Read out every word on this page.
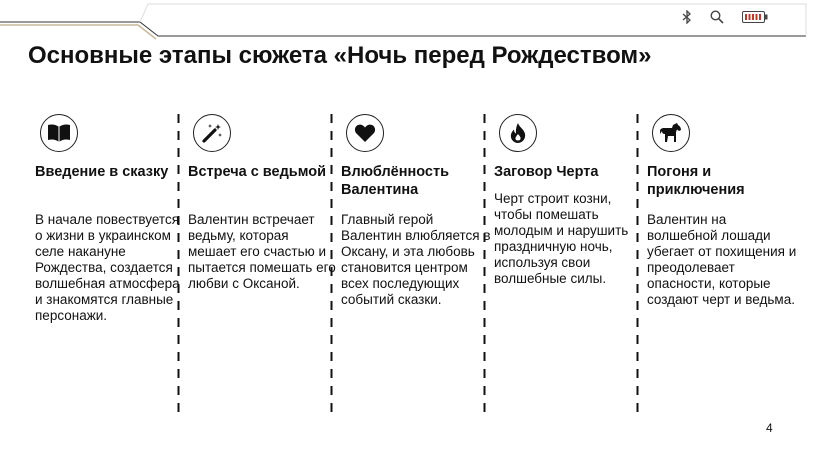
Основные этапы сюжета «Ночь перед Рождеством»
Введение в сказку
В начале повествуется о жизни в украинском селе накануне Рождества, создается волшебная атмосфера и знакомятся главные персонажи.
Встреча с ведьмой
Валентин встречает ведьму, которая мешает его счастью и пытается помешать его любви с Оксаной.
Влюблённость Валентина
Главный герой Валентин влюбляется в Оксану, и эта любовь становится центром всех последующих событий сказки.
Заговор Черта
Черт строит козни, чтобы помешать молодым и нарушить праздничную ночь, используя свои волшебные силы.
Погоня и приключения
Валентин на волшебной лошади убегает от похищения и преодолевает опасности, которые создают черт и ведьма.
4
